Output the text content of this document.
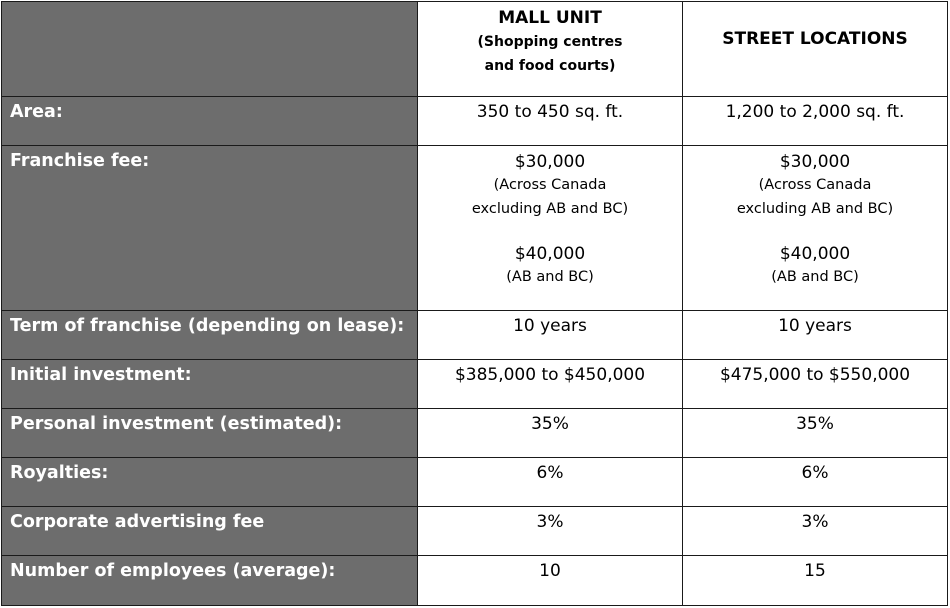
	MALL UNIT
(Shopping centres
and food courts)	STREET LOCATIONS

Area:	350 to 450 sq. ft.	1,200 to 2,000 sq. ft.
Franchise fee:	$30,000
(Across Canada
excluding AB and BC)
$40,000
(AB and BC)	$30,000
(Across Canada
excluding AB and BC)
$40,000
(AB and BC)

Term of franchise (depending on lease):	10 years	10 years
Initial investment:	$385,000 to $450,000	$475,000 to $550,000
Personal investment (estimated):	35%	35%
Royalties:	6%	6%
Corporate advertising fee	3%	3%
Number of employees (average):	10	15
